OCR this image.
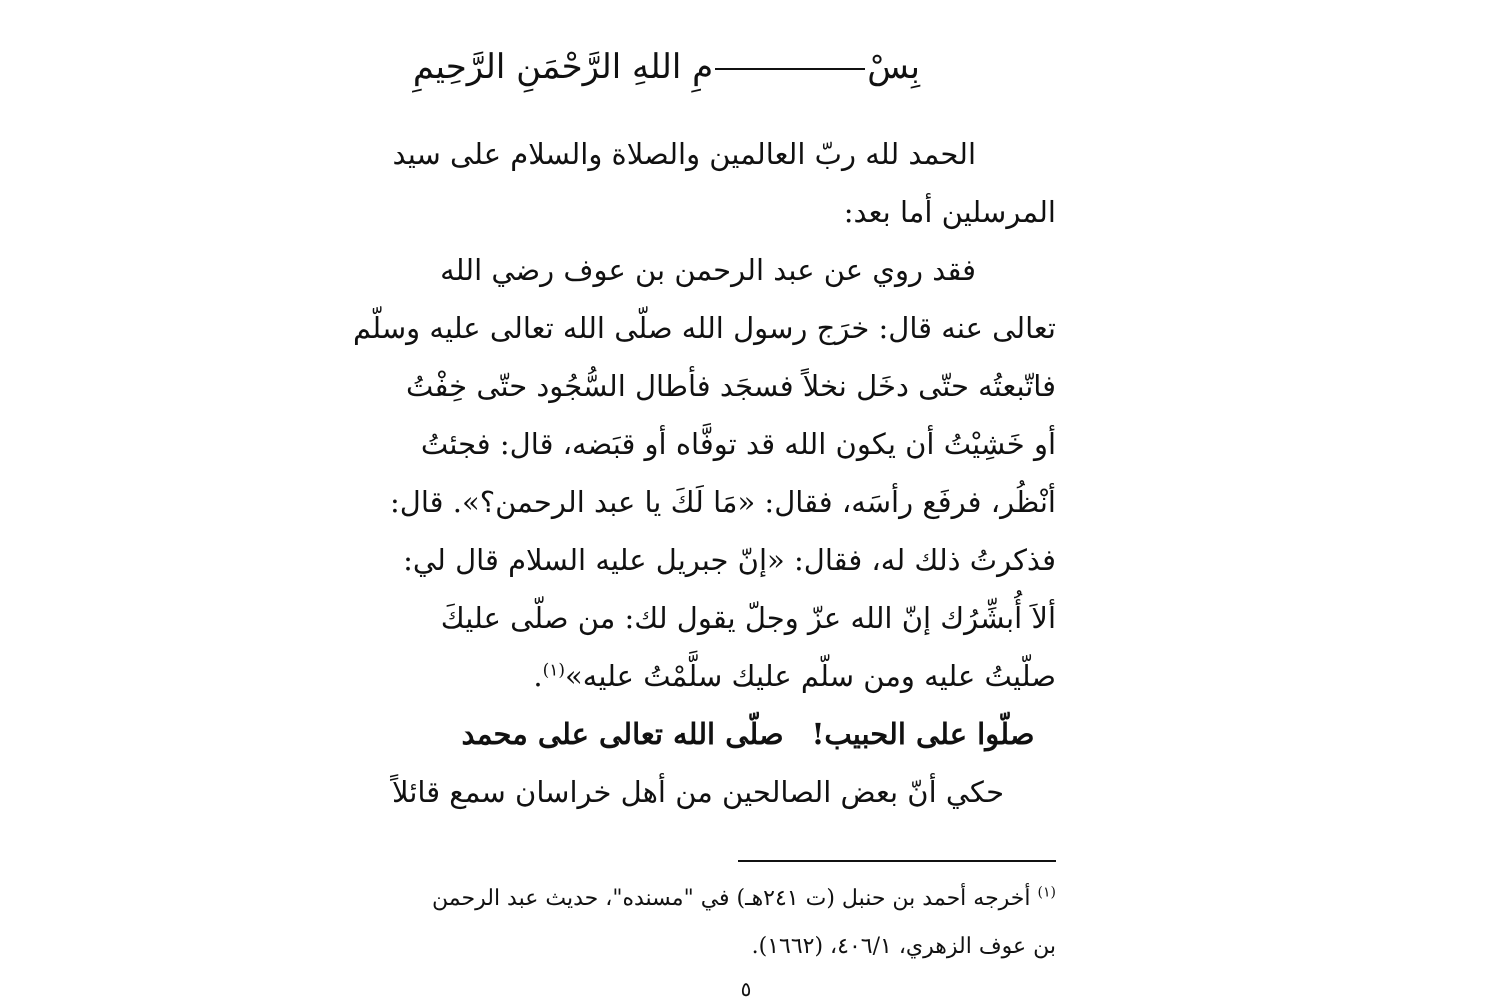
بِسْمِ اللهِ الرَّحْمَنِ الرَّحِيمِ

الحمد لله ربّ العالمين والصلاة والسلام على سيد
المرسلين أما بعد:

فقد روي عن عبد الرحمن بن عوف رضي الله
تعالى عنه قال: خرَج رسول الله صلّى الله تعالى عليه وسلّم
فاتّبعتُه حتّى دخَل نخلاً فسجَد فأطال السُّجُود حتّى خِفْتُ
أو خَشِيْتُ أن يكون الله قد توفَّاه أو قبَضه، قال: فجئتُ
أنْظُر، فرفَع رأسَه، فقال: «مَا لَكَ يا عبد الرحمن؟». قال:
فذكرتُ ذلك له، فقال: «إنّ جبريل عليه السلام قال لي:
ألاَ أُبشِّرُك إنّ الله عزّ وجلّ يقول لك: من صلّى عليكَ
صلّيتُ عليه ومن سلّم عليك سلَّمْتُ عليه»$^{(١)}$.

صلّوا على الحبيب!صلّى الله تعالى على محمد

حكي أنّ بعض الصالحين من أهل خراسان سمع قائلاً

$^{(١)}$ أخرجه أحمد بن حنبل (ت ٢٤١هـ) في "مسنده"، حديث عبد الرحمن
بن عوف الزهري، ٤٠٦/١، (١٦٦٢).
٥
